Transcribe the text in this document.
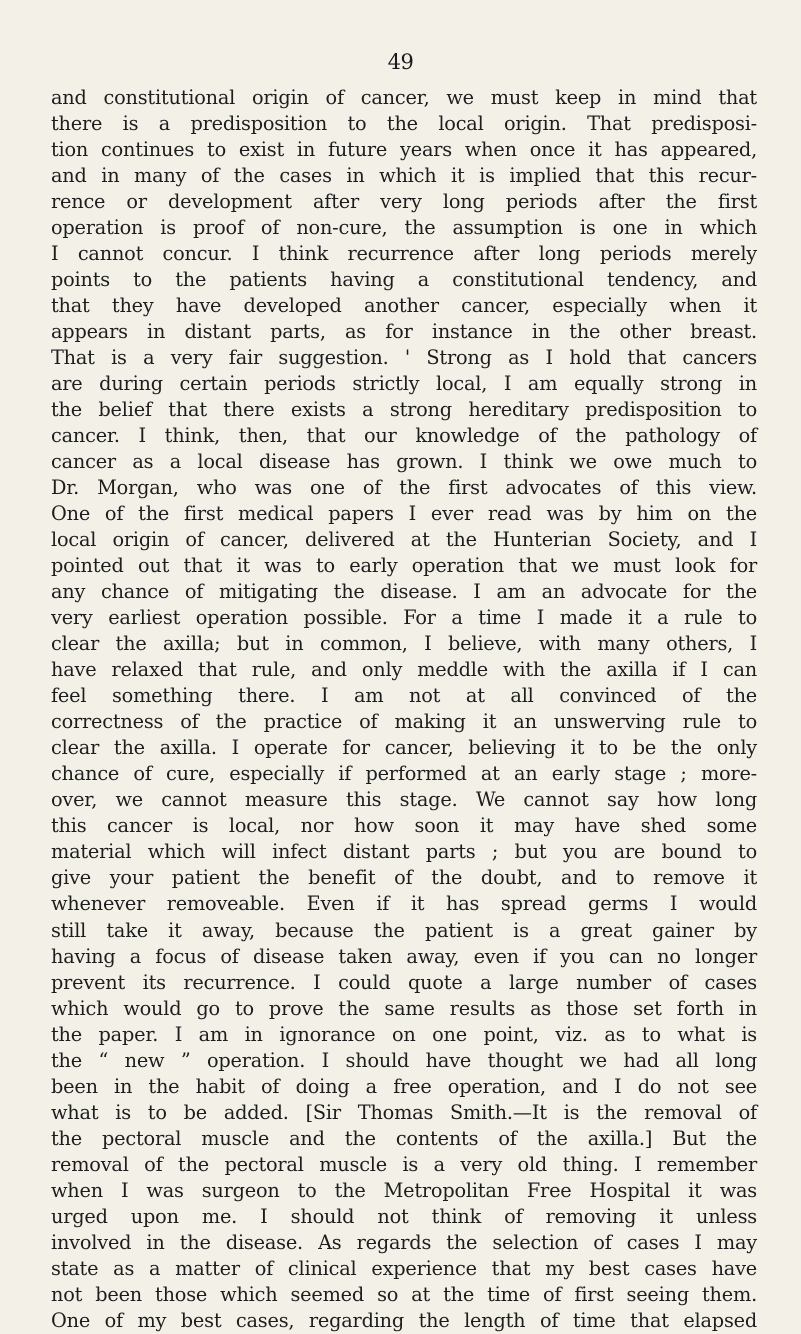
49
and constitutional origin of cancer, we must keep in mind that
there is a predisposition to the local origin. That predisposi-
tion continues to exist in future years when once it has appeared,
and in many of the cases in which it is implied that this recur-
rence or development after very long periods after the first
operation is proof of non-cure, the assumption is one in which
I cannot concur. I think recurrence after long periods merely
points to the patients having a constitutional tendency, and
that they have developed another cancer, especially when it
appears in distant parts, as for instance in the other breast.
That is a very fair suggestion. ' Strong as I hold that cancers
are during certain periods strictly local, I am equally strong in
the belief that there exists a strong hereditary predisposition to
cancer. I think, then, that our knowledge of the pathology of
cancer as a local disease has grown. I think we owe much to
Dr. Morgan, who was one of the first advocates of this view.
One of the first medical papers I ever read was by him on the
local origin of cancer, delivered at the Hunterian Society, and I
pointed out that it was to early operation that we must look for
any chance of mitigating the disease. I am an advocate for the
very earliest operation possible. For a time I made it a rule to
clear the axilla; but in common, I believe, with many others, I
have relaxed that rule, and only meddle with the axilla if I can
feel something there. I am not at all convinced of the
correctness of the practice of making it an unswerving rule to
clear the axilla. I operate for cancer, believing it to be the only
chance of cure, especially if performed at an early stage ; more-
over, we cannot measure this stage. We cannot say how long
this cancer is local, nor how soon it may have shed some
material which will infect distant parts ; but you are bound to
give your patient the benefit of the doubt, and to remove it
whenever removeable. Even if it has spread germs I would
still take it away, because the patient is a great gainer by
having a focus of disease taken away, even if you can no longer
prevent its recurrence. I could quote a large number of cases
which would go to prove the same results as those set forth in
the paper. I am in ignorance on one point, viz. as to what is
the “ new ” operation. I should have thought we had all long
been in the habit of doing a free operation, and I do not see
what is to be added. [Sir Thomas Smith.—It is the removal of
the pectoral muscle and the contents of the axilla.] But the
removal of the pectoral muscle is a very old thing. I remember
when I was surgeon to the Metropolitan Free Hospital it was
urged upon me. I should not think of removing it unless
involved in the disease. As regards the selection of cases I may
state as a matter of clinical experience that my best cases have
not been those which seemed so at the time of first seeing them.
One of my best cases, regarding the length of time that elapsed
